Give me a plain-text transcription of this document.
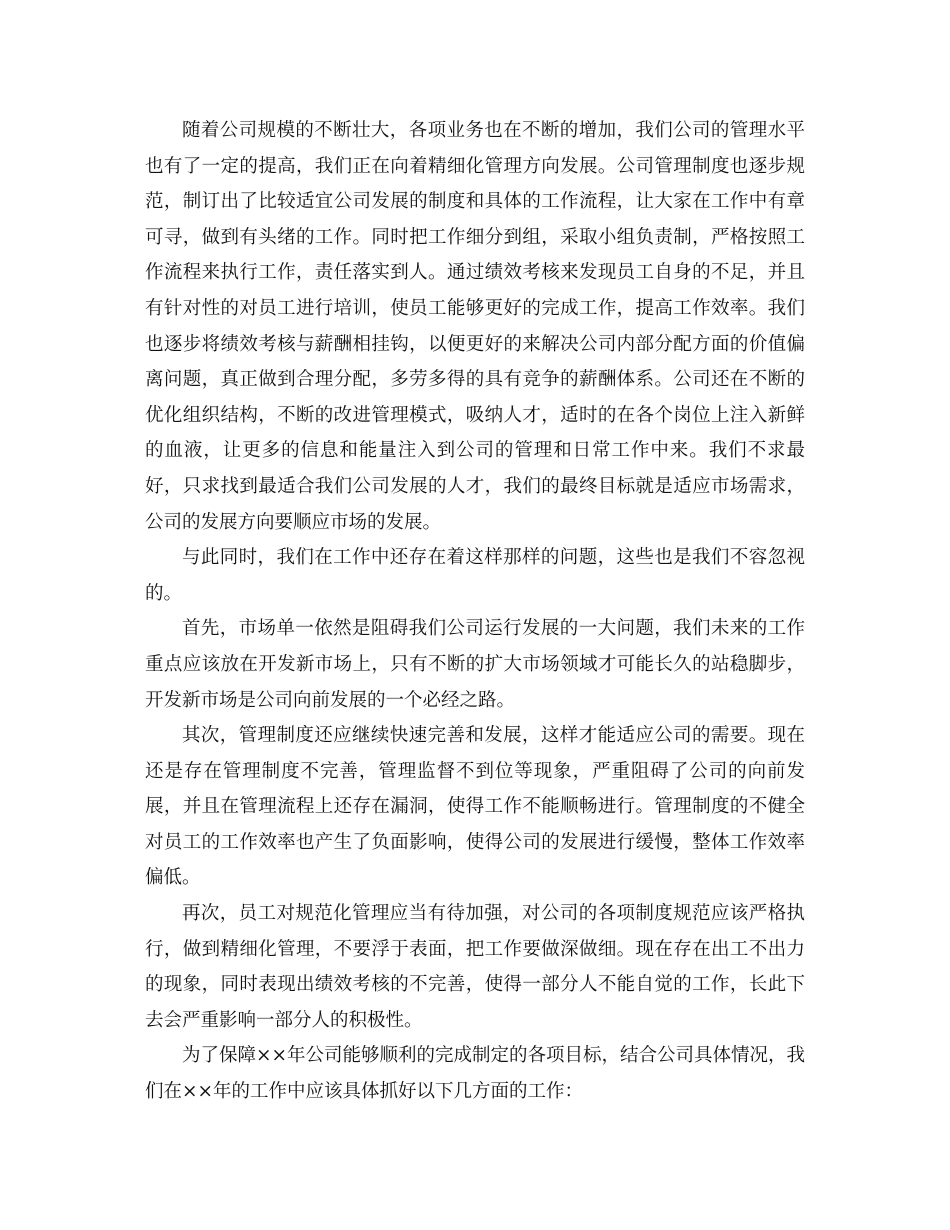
随着公司规模的不断壮大，各项业务也在不断的增加，我们公司的管理水平也有了一定的提高，我们正在向着精细化管理方向发展。公司管理制度也逐步规范，制订出了比较适宜公司发展的制度和具体的工作流程，让大家在工作中有章可寻，做到有头绪的工作。同时把工作细分到组，采取小组负责制，严格按照工作流程来执行工作，责任落实到人。通过绩效考核来发现员工自身的不足，并且有针对性的对员工进行培训，使员工能够更好的完成工作，提高工作效率。我们也逐步将绩效考核与薪酬相挂钩，以便更好的来解决公司内部分配方面的价值偏离问题，真正做到合理分配，多劳多得的具有竞争的薪酬体系。公司还在不断的优化组织结构，不断的改进管理模式，吸纳人才，适时的在各个岗位上注入新鲜的血液，让更多的信息和能量注入到公司的管理和日常工作中来。我们不求最好，只求找到最适合我们公司发展的人才，我们的最终目标就是适应市场需求，公司的发展方向要顺应市场的发展。

与此同时，我们在工作中还存在着这样那样的问题，这些也是我们不容忽视的。

首先，市场单一依然是阻碍我们公司运行发展的一大问题，我们未来的工作重点应该放在开发新市场上，只有不断的扩大市场领域才可能长久的站稳脚步，开发新市场是公司向前发展的一个必经之路。

其次，管理制度还应继续快速完善和发展，这样才能适应公司的需要。现在还是存在管理制度不完善，管理监督不到位等现象，严重阻碍了公司的向前发展，并且在管理流程上还存在漏洞，使得工作不能顺畅进行。管理制度的不健全对员工的工作效率也产生了负面影响，使得公司的发展进行缓慢，整体工作效率偏低。

再次，员工对规范化管理应当有待加强，对公司的各项制度规范应该严格执行，做到精细化管理，不要浮于表面，把工作要做深做细。现在存在出工不出力的现象，同时表现出绩效考核的不完善，使得一部分人不能自觉的工作，长此下去会严重影响一部分人的积极性。

为了保障××年公司能够顺利的完成制定的各项目标，结合公司具体情况，我们在××年的工作中应该具体抓好以下几方面的工作：
